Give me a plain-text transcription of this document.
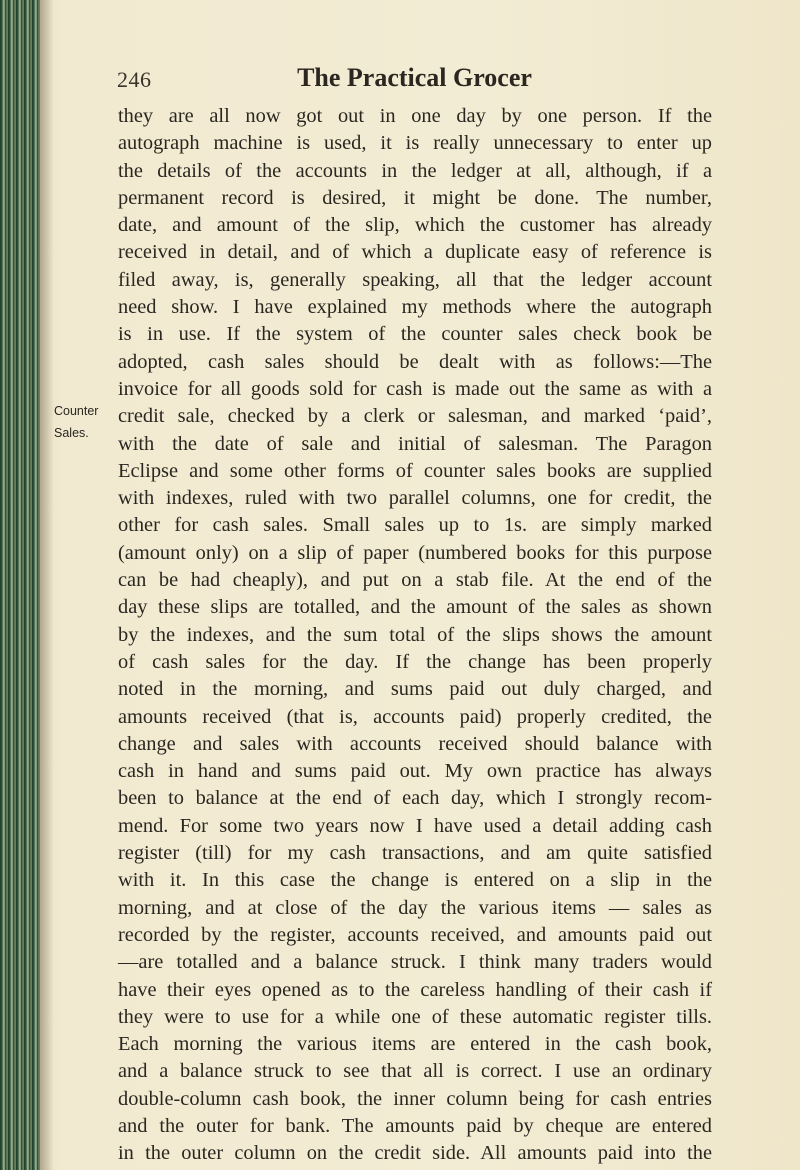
246	The Practical Grocer
Counter
Sales.
they are all now got out in one day by one person. If the
autograph machine is used, it is really unnecessary to enter up
the details of the accounts in the ledger at all, although, if a
permanent record is desired, it might be done. The number,
date, and amount of the slip, which the customer has already
received in detail, and of which a duplicate easy of reference is
filed away, is, generally speaking, all that the ledger account
need show. I have explained my methods where the autograph
is in use. If the system of the counter sales check book be
adopted, cash sales should be dealt with as follows:—The
invoice for all goods sold for cash is made out the same as with a
credit sale, checked by a clerk or salesman, and marked ‘paid’,
with the date of sale and initial of salesman. The Paragon
Eclipse and some other forms of counter sales books are supplied
with indexes, ruled with two parallel columns, one for credit, the
other for cash sales. Small sales up to 1s. are simply marked
(amount only) on a slip of paper (numbered books for this purpose
can be had cheaply), and put on a stab file. At the end of the
day these slips are totalled, and the amount of the sales as shown
by the indexes, and the sum total of the slips shows the amount
of cash sales for the day. If the change has been properly
noted in the morning, and sums paid out duly charged, and
amounts received (that is, accounts paid) properly credited, the
change and sales with accounts received should balance with
cash in hand and sums paid out. My own practice has always
been to balance at the end of each day, which I strongly recom-
mend. For some two years now I have used a detail adding cash
register (till) for my cash transactions, and am quite satisfied
with it. In this case the change is entered on a slip in the
morning, and at close of the day the various items — sales as
recorded by the register, accounts received, and amounts paid out
—are totalled and a balance struck. I think many traders would
have their eyes opened as to the careless handling of their cash if
they were to use for a while one of these automatic register tills.
Each morning the various items are entered in the cash book,
and a balance struck to see that all is correct. I use an ordinary
double-column cash book, the inner column being for cash entries
and the outer for bank. The amounts paid by cheque are entered
in the outer column on the credit side. All amounts paid into the
